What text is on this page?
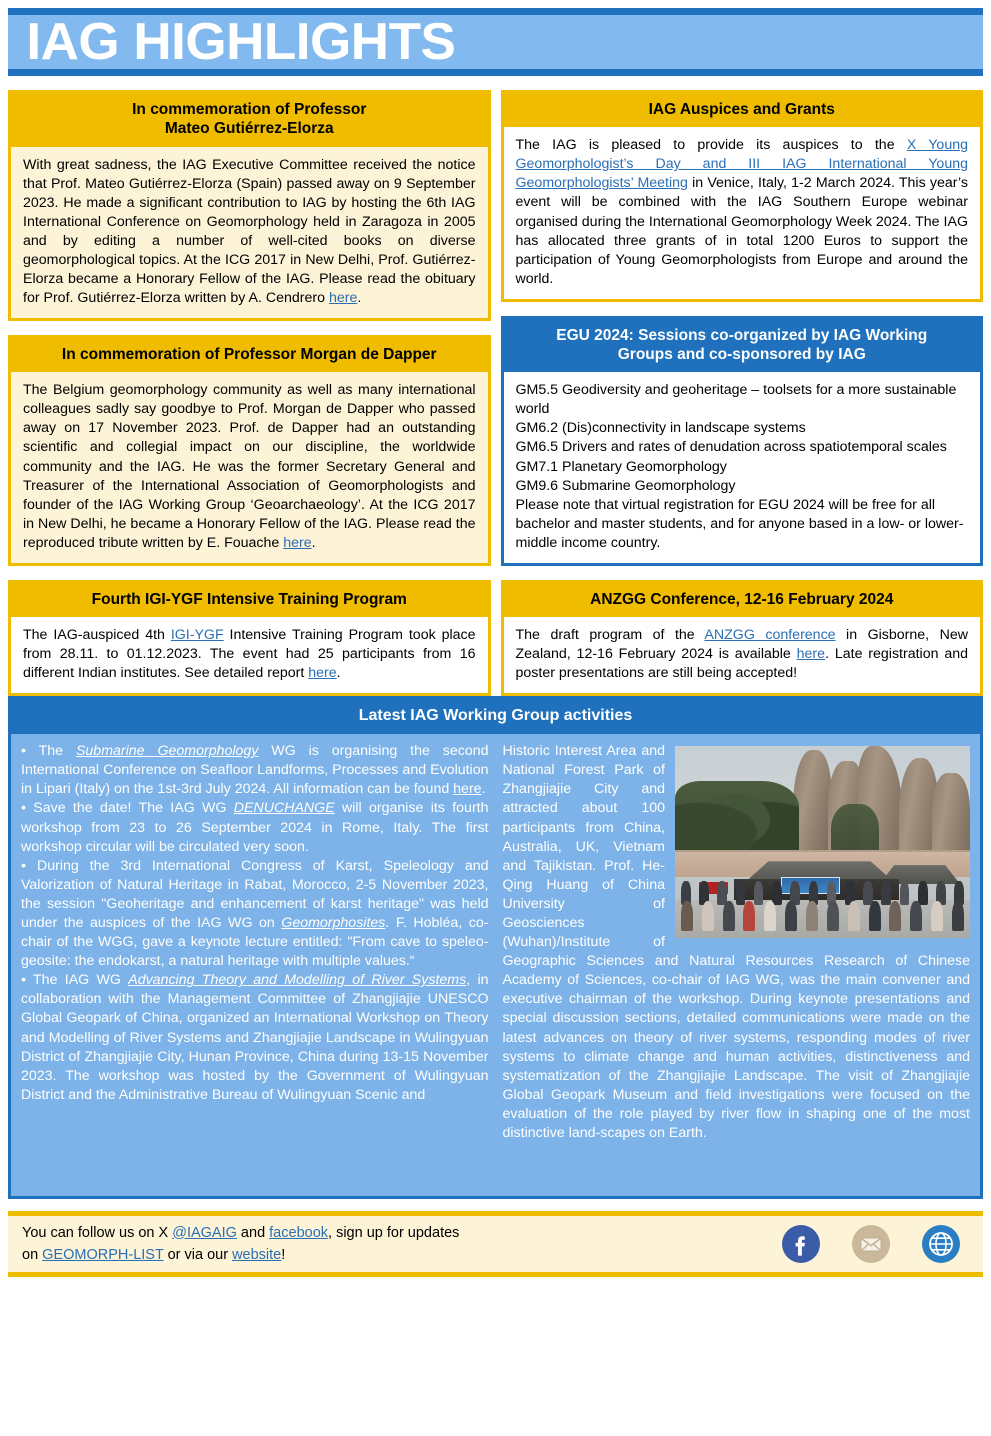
IAG HIGHLIGHTS
In commemoration of Professor
Mateo Gutiérrez-Elorza

With great sadness, the IAG Executive Committee received the notice that Prof. Mateo Gutiérrez-Elorza (Spain) passed away on 9 September 2023. He made a significant contribution to IAG by hosting the 6th IAG International Conference on Geomorphology held in Zaragoza in 2005 and by editing a number of well-cited books on diverse geomorphological topics. At the ICG 2017 in New Delhi, Prof. Gutiérrez-Elorza became a Honorary Fellow of the IAG. Please read the obituary for Prof. Gutiérrez-Elorza written by A. Cendrero here.

In commemoration of Professor Morgan de Dapper

The Belgium geomorphology community as well as many international colleagues sadly say goodbye to Prof. Morgan de Dapper who passed away on 17 November 2023. Prof. de Dapper had an outstanding scientific and collegial impact on our discipline, the worldwide community and the IAG. He was the former Secretary General and Treasurer of the International Association of Geomorphologists and founder of the IAG Working Group ‘Geoarchaeology’. At the ICG 2017 in New Delhi, he became a Honorary Fellow of the IAG. Please read the reproduced tribute written by E. Fouache here.

Fourth IGI-YGF Intensive Training Program

The IAG-auspiced 4th IGI-YGF Intensive Training Program took place from 28.11. to 01.12.2023. The event had 25 participants from 16 different Indian institutes. See detailed report here.

IAG Auspices and Grants

The IAG is pleased to provide its auspices to the X Young Geomorphologist’s Day and III IAG International Young Geomorphologists’ Meeting in Venice, Italy, 1-2 March 2024. This year’s event will be combined with the IAG Southern Europe webinar organised during the International Geomorphology Week 2024. The IAG has allocated three grants of in total 1200 Euros to support the participation of Young Geomorphologists from Europe and around the world.

EGU 2024: Sessions co-organized by IAG Working
Groups and co-sponsored by IAG

GM5.5 Geodiversity and geoheritage – toolsets for a more sustainable world

GM6.2 (Dis)connectivity in landscape systems

GM6.5 Drivers and rates of denudation across spatiotemporal scales

GM7.1 Planetary Geomorphology

GM9.6 Submarine Geomorphology

Please note that virtual registration for EGU 2024 will be free for all bachelor and master students, and for anyone based in a low- or lower-middle income country.

ANZGG Conference, 12-16 February 2024

The draft program of the ANZGG conference in Gisborne, New Zealand, 12-16 February 2024 is available here. Late registration and poster presentations are still being accepted!

Latest IAG Working Group activities

• The Submarine Geomorphology WG is organising the second International Conference on Seafloor Landforms, Processes and Evolution in Lipari (Italy) on the 1st-3rd July 2024. All information can be found here.

• Save the date! The IAG WG DENUCHANGE will organise its fourth workshop from 23 to 26 September 2024 in Rome, Italy. The first workshop circular will be circulated very soon.

• During the 3rd International Congress of Karst, Speleology and Valorization of Natural Heritage in Rabat, Morocco, 2-5 November 2023, the session "Geoheritage and enhancement of karst heritage" was held under the auspices of the IAG WG on Geomorphosites. F. Hobléa, co-chair of the WGG, gave a keynote lecture entitled: "From cave to speleo-geosite: the endokarst, a natural heritage with multiple values.“

• The IAG WG Advancing Theory and Modelling of River Systems, in collaboration with the Management Committee of Zhangjiajie UNESCO Global Geopark of China, organized an International Workshop on Theory and Modelling of River Systems and Zhangjiajie Landscape in Wulingyuan District of Zhangjiajie City, Hunan Province, China during 13-15 November 2023. The workshop was hosted by the Government of Wulingyuan District and the Administrative Bureau of Wulingyuan Scenic and

Historic Interest Area and National Forest Park of Zhangjiajie City and attracted about 100 participants from China, Australia, UK, Vietnam and Tajikistan. Prof. He-Qing Huang of China University of Geosciences (Wuhan)/Institute of Geographic Sciences and Natural Resources Research of Chinese Academy of Sciences, co-chair of IAG WG, was the main convener and executive chairman of the workshop. During keynote presentations and special discussion sections, detailed communications were made on the latest advances on theory of river systems, responding modes of river systems to climate change and human activities, distinctiveness and systematization of the Zhangjiajie Landscape. The visit of Zhangjiajie Global Geopark Museum and field investigations were focused on the evaluation of the role played by river flow in shaping one of the most distinctive land-scapes on Earth.

You can follow us on X @IAGAIG and facebook, sign up for updates
on GEOMORPH-LIST or via our website!
